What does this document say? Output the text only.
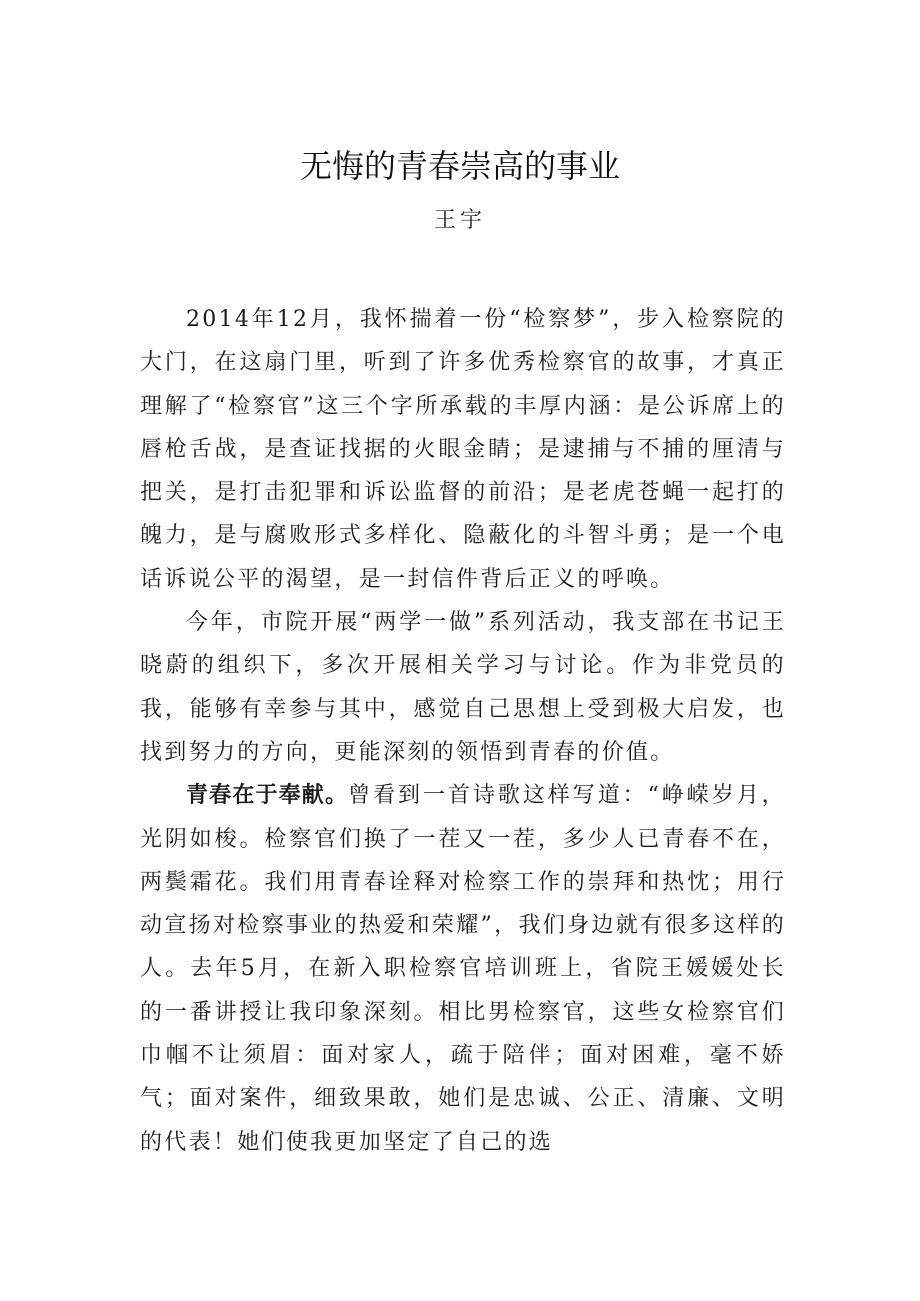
无悔的青春崇高的事业
王宇

2014年12月，我怀揣着一份“检察梦”，步入检察院的大门，在这扇门里，听到了许多优秀检察官的故事，才真正理解了“检察官”这三个字所承载的丰厚内涵：是公诉席上的唇枪舌战，是查证找据的火眼金睛；是逮捕与不捕的厘清与把关，是打击犯罪和诉讼监督的前沿；是老虎苍蝇一起打的魄力，是与腐败形式多样化、隐蔽化的斗智斗勇；是一个电话诉说公平的渴望，是一封信件背后正义的呼唤。

今年，市院开展“两学一做”系列活动，我支部在书记王晓蔚的组织下，多次开展相关学习与讨论。作为非党员的我，能够有幸参与其中，感觉自己思想上受到极大启发，也找到努力的方向，更能深刻的领悟到青春的价值。

青春在于奉献。曾看到一首诗歌这样写道：“峥嵘岁月，光阴如梭。检察官们换了一茬又一茬，多少人已青春不在，两鬓霜花。我们用青春诠释对检察工作的崇拜和热忱；用行动宣扬对检察事业的热爱和荣耀”，我们身边就有很多这样的人。去年5月，在新入职检察官培训班上，省院王媛媛处长的一番讲授让我印象深刻。相比男检察官，这些女检察官们巾帼不让须眉：面对家人，疏于陪伴；面对困难，毫不娇气；面对案件，细致果敢，她们是忠诚、公正、清廉、文明的代表！她们使我更加坚定了自己的选
